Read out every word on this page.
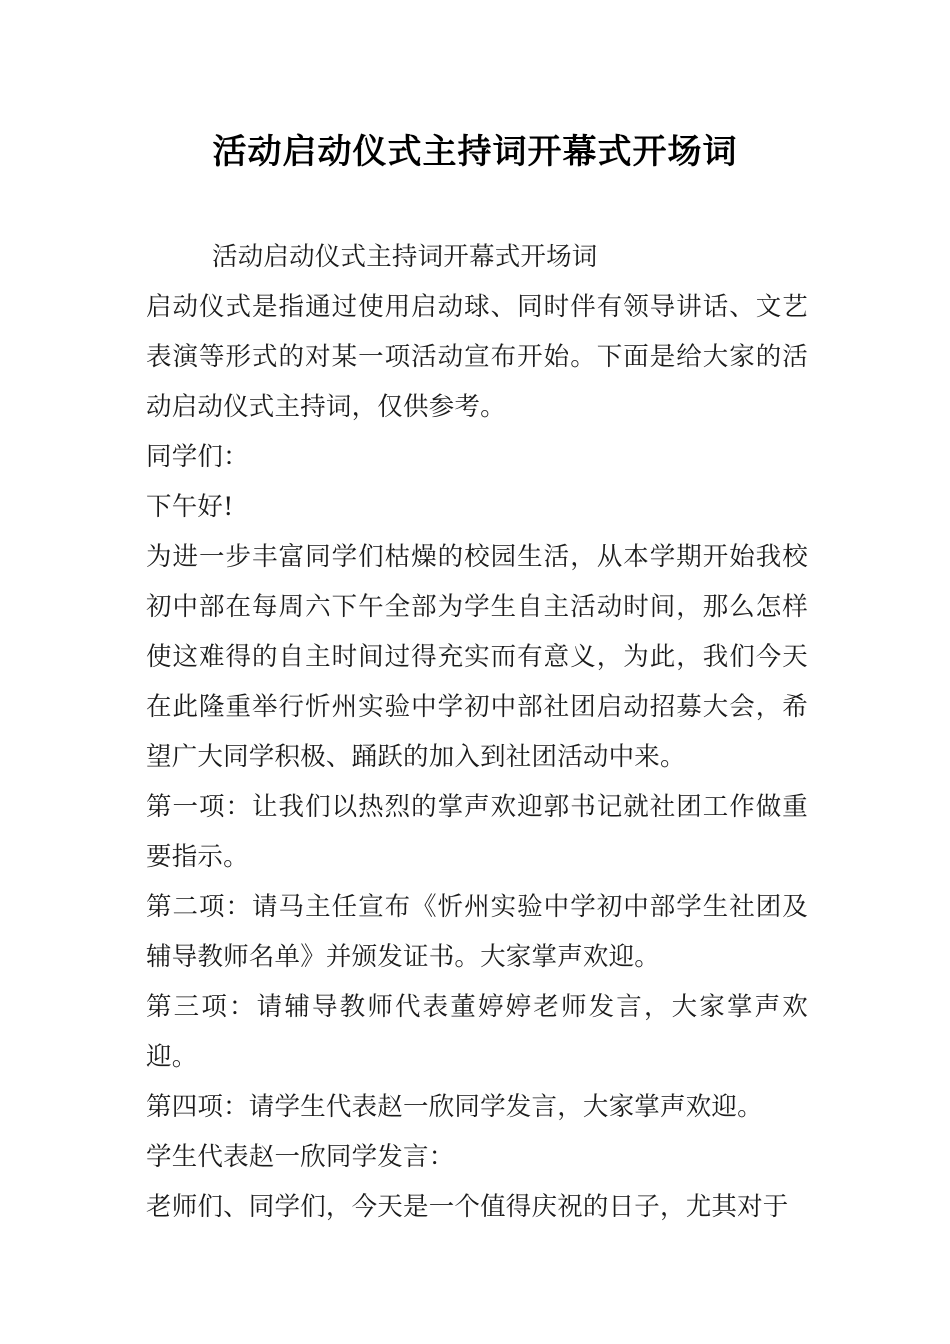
活动启动仪式主持词开幕式开场词

活动启动仪式主持词开幕式开场词

启动仪式是指通过使用启动球、同时伴有领导讲话、文艺表演等形式的对某一项活动宣布开始。下面是给大家的活动启动仪式主持词，仅供参考。

同学们：

下午好!

为进一步丰富同学们枯燥的校园生活，从本学期开始我校初中部在每周六下午全部为学生自主活动时间，那么怎样使这难得的自主时间过得充实而有意义，为此，我们今天在此隆重举行忻州实验中学初中部社团启动招募大会，希望广大同学积极、踊跃的加入到社团活动中来。

第一项：让我们以热烈的掌声欢迎郭书记就社团工作做重要指示。

第二项：请马主任宣布《忻州实验中学初中部学生社团及辅导教师名单》并颁发证书。大家掌声欢迎。

第三项：请辅导教师代表董婷婷老师发言，大家掌声欢迎。

第四项：请学生代表赵一欣同学发言，大家掌声欢迎。

学生代表赵一欣同学发言：

老师们、同学们，今天是一个值得庆祝的日子，尤其对于
